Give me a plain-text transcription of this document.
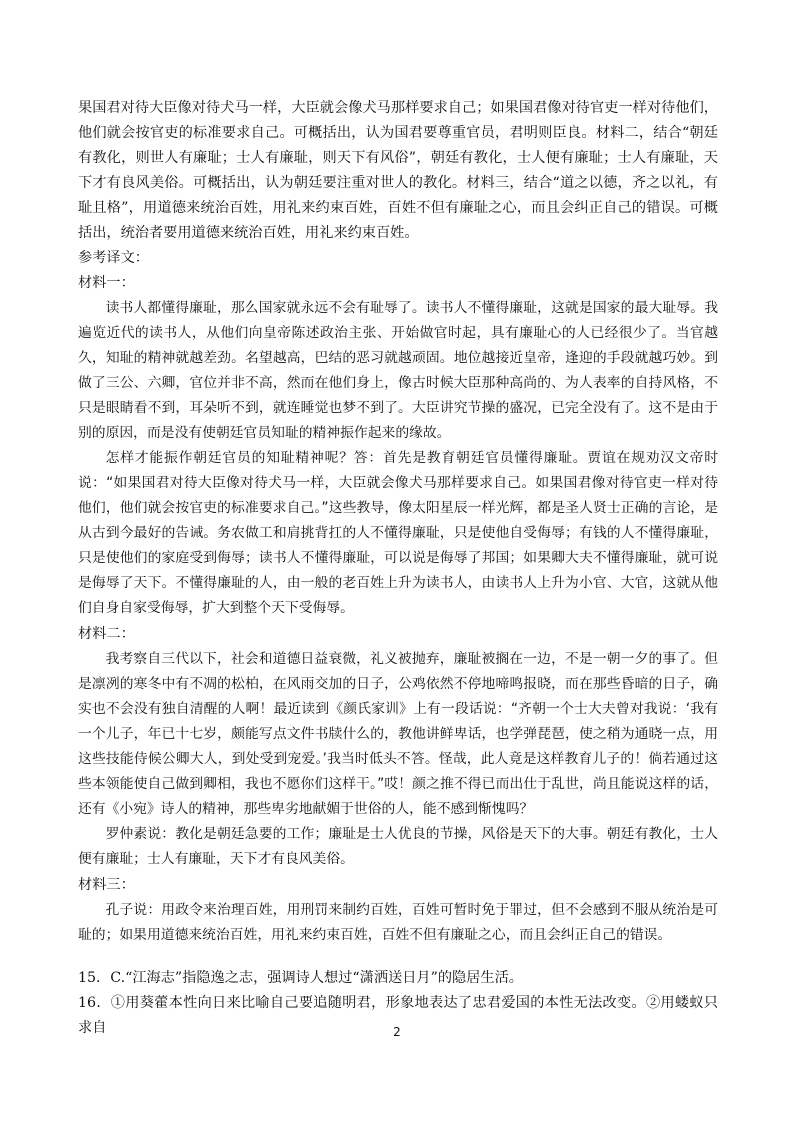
果国君对待大臣像对待犬马一样，大臣就会像犬马那样要求自己；如果国君像对待官吏一样对待他们，他们就会按官吏的标准要求自己。可概括出，认为国君要尊重官员，君明则臣良。材料二，结合“朝廷有教化，则世人有廉耻；士人有廉耻，则天下有风俗”，朝廷有教化，士人便有廉耻；士人有廉耻，天下才有良风美俗。可概括出，认为朝廷要注重对世人的教化。材料三，结合“道之以德，齐之以礼，有耻且格”，用道德来统治百姓，用礼来约束百姓，百姓不但有廉耻之心，而且会纠正自己的错误。可概括出，统治者要用道德来统治百姓，用礼来约束百姓。

参考译文：

材料一：

读书人都懂得廉耻，那么国家就永远不会有耻辱了。读书人不懂得廉耻，这就是国家的最大耻辱。我遍览近代的读书人，从他们向皇帝陈述政治主张、开始做官时起，具有廉耻心的人已经很少了。当官越久，知耻的精神就越差劲。名望越高，巴结的恶习就越顽固。地位越接近皇帝，逢迎的手段就越巧妙。到做了三公、六卿，官位并非不高，然而在他们身上，像古时候大臣那种高尚的、为人表率的自持风格，不只是眼睛看不到，耳朵听不到，就连睡觉也梦不到了。大臣讲究节操的盛况，已完全没有了。这不是由于别的原因，而是没有使朝廷官员知耻的精神振作起来的缘故。

怎样才能振作朝廷官员的知耻精神呢？答：首先是教育朝廷官员懂得廉耻。贾谊在规劝汉文帝时说：“如果国君对待大臣像对待犬马一样，大臣就会像犬马那样要求自己。如果国君像对待官吏一样对待他们，他们就会按官吏的标准要求自己。”这些教导，像太阳星辰一样光辉，都是圣人贤士正确的言论，是从古到今最好的告诫。务农做工和肩挑背扛的人不懂得廉耻，只是使他自受侮辱；有钱的人不懂得廉耻，只是使他们的家庭受到侮辱；读书人不懂得廉耻，可以说是侮辱了邦国；如果卿大夫不懂得廉耻，就可说是侮辱了天下。不懂得廉耻的人，由一般的老百姓上升为读书人，由读书人上升为小官、大官，这就从他们自身自家受侮辱，扩大到整个天下受侮辱。

材料二：

我考察自三代以下，社会和道德日益衰微，礼义被抛弃，廉耻被搁在一边，不是一朝一夕的事了。但是凛冽的寒冬中有不凋的松柏，在风雨交加的日子，公鸡依然不停地啼鸣报晓，而在那些昏暗的日子，确实也不会没有独自清醒的人啊！最近读到《颜氏家训》上有一段话说：“齐朝一个士大夫曾对我说：‘我有一个儿子，年已十七岁，颇能写点文件书牍什么的，教他讲鲜卑话，也学弹琵琶，使之稍为通晓一点，用这些技能侍候公卿大人，到处受到宠爱。’我当时低头不答。怪哉，此人竟是这样教育儿子的！倘若通过这些本领能使自己做到卿相，我也不愿你们这样干。”哎！颜之推不得已而出仕于乱世，尚且能说这样的话，还有《小宛》诗人的精神，那些卑劣地献媚于世俗的人，能不感到惭愧吗？

罗仲素说：教化是朝廷急要的工作；廉耻是士人优良的节操，风俗是天下的大事。朝廷有教化，士人便有廉耻；士人有廉耻，天下才有良风美俗。

材料三：

孔子说：用政令来治理百姓，用刑罚来制约百姓，百姓可暂时免于罪过，但不会感到不服从统治是可耻的；如果用道德来统治百姓，用礼来约束百姓，百姓不但有廉耻之心，而且会纠正自己的错误。

15．C.“江海志”指隐逸之志，强调诗人想过“潇洒送日月”的隐居生活。

16．①用葵藿本性向日来比喻自己要追随明君，形象地表达了忠君爱国的本性无法改变。②用蝼蚁只求自	2
